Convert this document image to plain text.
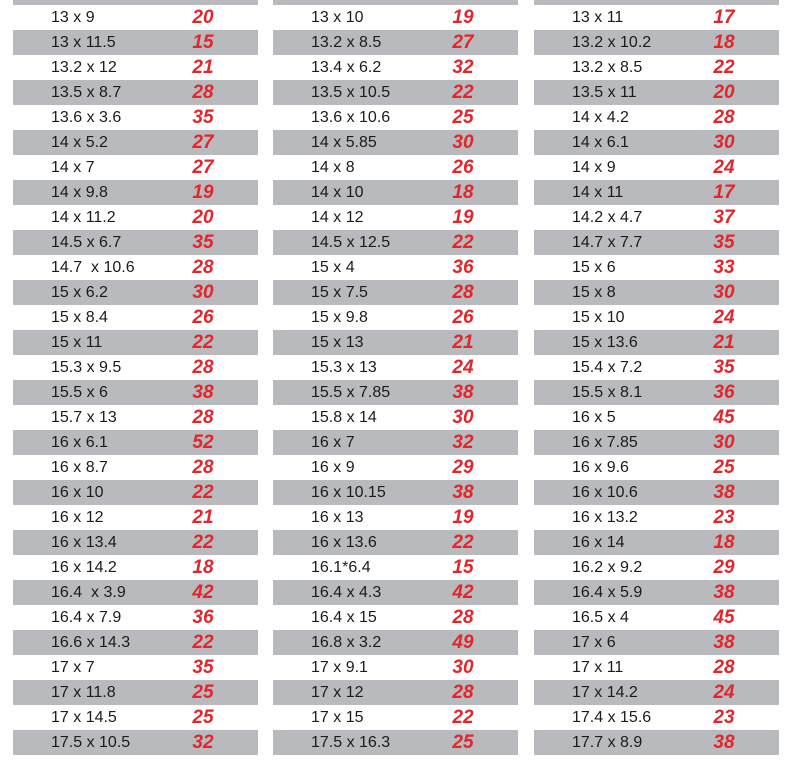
13 x 9	20
13 x 11.5	15
13.2 x 12	21
13.5 x 8.7	28
13.6 x 3.6	35
14 x 5.2	27
14 x 7	27
14 x 9.8	19
14 x 11.2	20
14.5 x 6.7	35
14.7  x 10.6	28
15 x 6.2	30
15 x 8.4	26
15 x 11	22
15.3 x 9.5	28
15.5 x 6	38
15.7 x 13	28
16 x 6.1	52
16 x 8.7	28
16 x 10	22
16 x 12	21
16 x 13.4	22
16 x 14.2	18
16.4  x 3.9	42
16.4 x 7.9	36
16.6 x 14.3	22
17 x 7	35
17 x 11.8	25
17 x 14.5	25
17.5 x 10.5	32
13 x 10	19
13.2 x 8.5	27
13.4 x 6.2	32
13.5 x 10.5	22
13.6 x 10.6	25
14 x 5.85	30
14 x 8	26
14 x 10	18
14 x 12	19
14.5 x 12.5	22
15 x 4	36
15 x 7.5	28
15 x 9.8	26
15 x 13	21
15.3 x 13	24
15.5 x 7.85	38
15.8 x 14	30
16 x 7	32
16 x 9	29
16 x 10.15	38
16 x 13	19
16 x 13.6	22
16.1*6.4	15
16.4 x 4.3	42
16.4 x 15	28
16.8 x 3.2	49
17 x 9.1	30
17 x 12	28
17 x 15	22
17.5 x 16.3	25
13 x 11	17
13.2 x 10.2	18
13.2 x 8.5	22
13.5 x 11	20
14 x 4.2	28
14 x 6.1	30
14 x 9	24
14 x 11	17
14.2 x 4.7	37
14.7 x 7.7	35
15 x 6	33
15 x 8	30
15 x 10	24
15 x 13.6	21
15.4 x 7.2	35
15.5 x 8.1	36
16 x 5	45
16 x 7.85	30
16 x 9.6	25
16 x 10.6	38
16 x 13.2	23
16 x 14	18
16.2 x 9.2	29
16.4 x 5.9	38
16.5 x 4	45
17 x 6	38
17 x 11	28
17 x 14.2	24
17.4 x 15.6	23
17.7 x 8.9	38
